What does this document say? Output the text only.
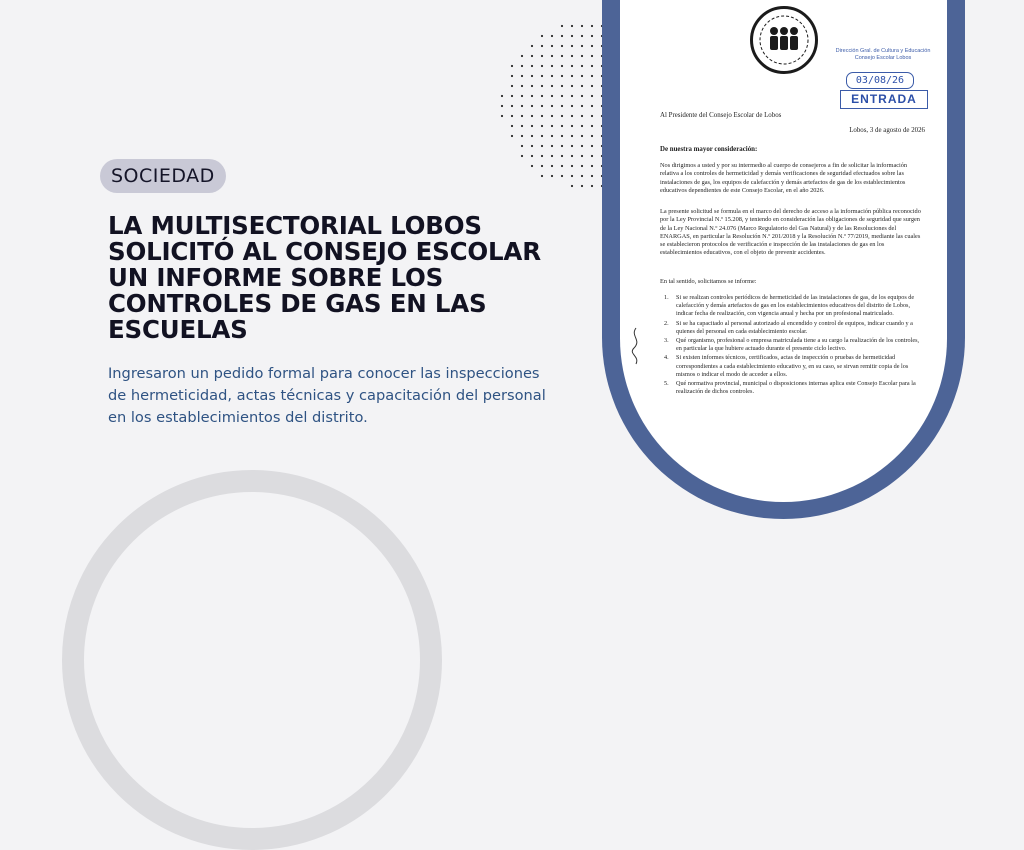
SOCIEDAD
LA MULTISECTORIAL LOBOS SOLICITÓ AL CONSEJO ESCOLAR UN INFORME SOBRE LOS CONTROLES DE GAS EN LAS ESCUELAS

Ingresaron un pedido formal para conocer las inspecciones de hermeticidad, actas técnicas y capacitación del personal en los establecimientos del distrito.

Dirección Gral. de Cultura y Educación
Consejo Escolar Lobos
03/08/26
ENTRADA
Al Presidente del Consejo Escolar de Lobos
Lobos, 3 de agosto de 2026
De nuestra mayor consideración:

Nos dirigimos a usted y por su intermedio al cuerpo de consejeros a fin de solicitar la información relativa a los controles de hermeticidad y demás verificaciones de seguridad efectuados sobre las instalaciones de gas, los equipos de calefacción y demás artefactos de gas de los establecimientos educativos dependientes de este Consejo Escolar, en el año 2026.

La presente solicitud se formula en el marco del derecho de acceso a la información pública reconocido por la Ley Provincial N.º 15.208, y teniendo en consideración las obligaciones de seguridad que surgen de la Ley Nacional N.º 24.076 (Marco Regulatorio del Gas Natural) y de las Resoluciones del ENARGAS, en particular la Resolución N.º 201/2018 y la Resolución N.º 77/2019, mediante las cuales se establecieron protocolos de verificación e inspección de las instalaciones de gas en los establecimientos educativos, con el objeto de prevenir accidentes.

En tal sentido, solicitamos se informe:

1.	Si se realizan controles periódicos de hermeticidad de las instalaciones de gas, de los equipos de calefacción y demás artefactos de gas en los establecimientos educativos del distrito de Lobos, indicar fecha de realización, con vigencia anual y hecha por un profesional matriculado.
2.	Si se ha capacitado al personal autorizado al encendido y control de equipos, indicar cuando y a quienes del personal en cada establecimiento escolar.
3.	Qué organismo, profesional o empresa matriculada tiene a su cargo la realización de los controles, en particular la que hubiere actuado durante el presente ciclo lectivo.
4.	Si existen informes técnicos, certificados, actas de inspección o pruebas de hermeticidad correspondientes a cada establecimiento educativo y, en su caso, se sirvan remitir copia de los mismos o indicar el modo de acceder a ellos.
5.	Qué normativa provincial, municipal o disposiciones internas aplica este Consejo Escolar para la realización de dichos controles.
